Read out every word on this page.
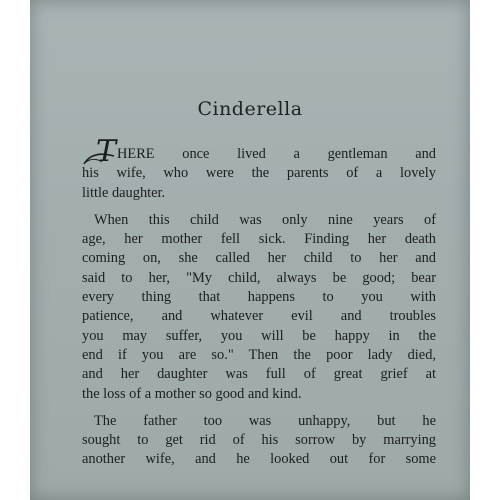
Cinderella
THERE once lived a gentleman and
his wife, who were the parents of a lovely
little daughter.
When this child was only nine years of
age, her mother fell sick. Finding her death
coming on, she called her child to her and
said to her, "My child, always be good; bear
every thing that happens to you with
patience, and whatever evil and troubles
you may suffer, you will be happy in the
end if you are so." Then the poor lady died,
and her daughter was full of great grief at
the loss of a mother so good and kind.
The father too was unhappy, but he
sought to get rid of his sorrow by marrying
another wife, and he looked out for some
